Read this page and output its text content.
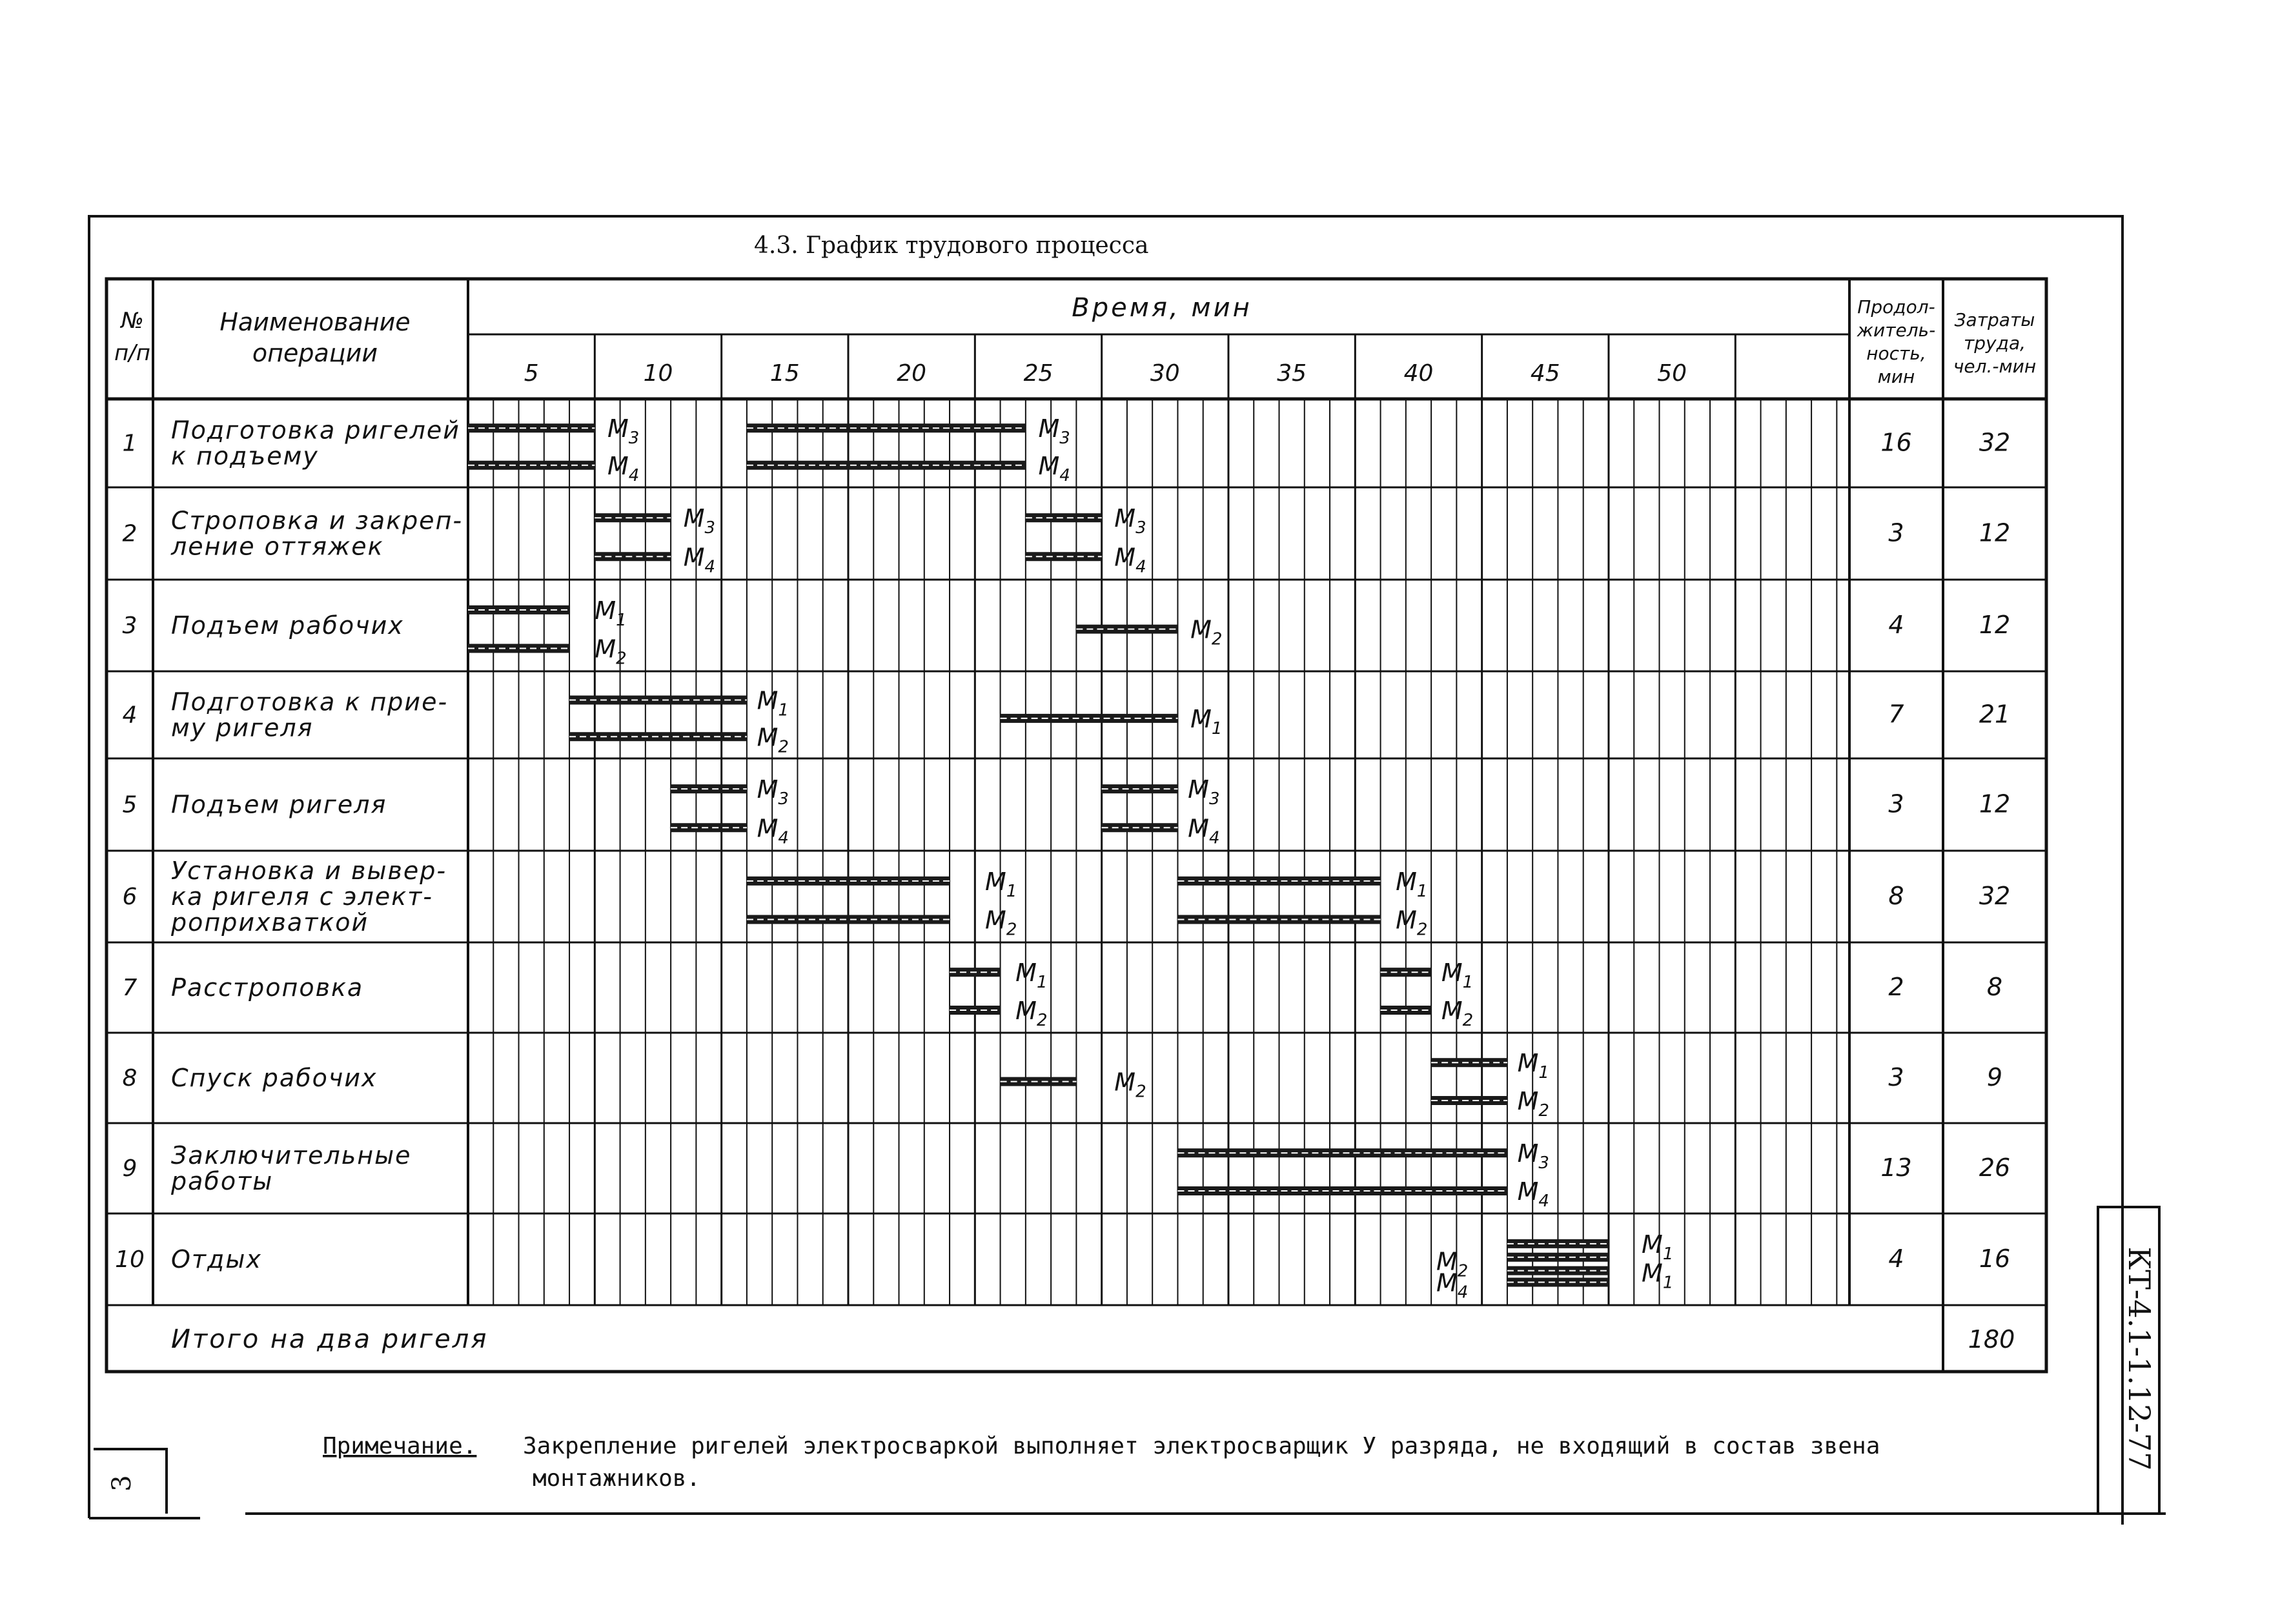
4.3. График трудового процесса
№
п/п
Наименование
операции
Время, мин
5	10	15	20	25	30	35	40	45	50
Продол-
житель-
ность,
мин
Затраты
труда,
чел.-мин
1 Подготовка ригелей
к подъему	16	32
$M_3$
$M_4$
$M_3$
$M_4$
2 Строповка и закреп-
ление оттяжек	3	12
$M_3$
$M_4$
$M_3$
$M_4$
3 Подъем рабочих	4	12
$M_1$
$M_2$
$M_2$
4 Подготовка к прие-
му ригеля	7	21
$M_1$
$M_2$
$M_1$
5 Подъем ригеля	3	12
$M_3$
$M_4$
$M_3$
$M_4$
6
Установка и вывер-
ка ригеля с элект-
роприхваткой
8	32
$M_1$
$M_2$
$M_1$
$M_2$
7 Расстроповка	2	8
$M_1$
$M_2$
$M_1$
$M_2$
8 Спуск рабочих	3	9
$M_2$
$M_1$
$M_2$
9 Заключительные
работы	13	26
$M_3$
$M_4$
10 Отдых	4	16
$M_2$
$M_4$
$M_1$
$M_1$
Итого на два ригеля	180
Примечание. Закрепление ригелей электросваркой выполняет электросварщик У разряда, не входящий в состав звена
монтажников.
3
КТ-4.1-1.12-77
